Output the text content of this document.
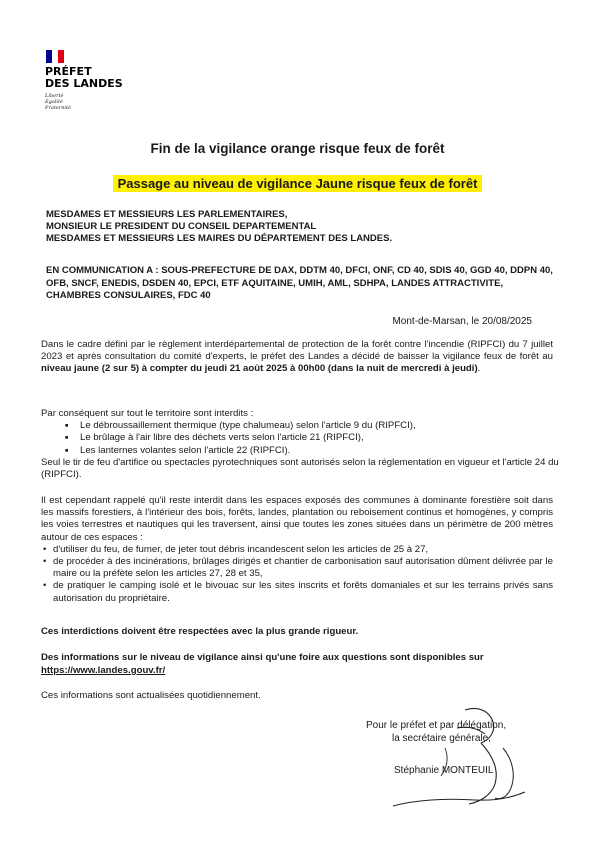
PRÉFET
DES LANDES
Liberté
Égalité
Fraternité
Fin de la vigilance orange risque feux de forêt
Passage au niveau de vigilance Jaune risque feux de forêt
MESDAMES ET MESSIEURS LES PARLEMENTAIRES,
MONSIEUR LE PRESIDENT DU CONSEIL DEPARTEMENTAL
MESDAMES ET MESSIEURS LES MAIRES DU DÉPARTEMENT DES LANDES.
EN COMMUNICATION A : SOUS-PREFECTURE DE DAX, DDTM 40, DFCI, ONF, CD 40, SDIS 40, GGD 40, DDPN 40, OFB, SNCF, ENEDIS, DSDEN 40, EPCI, ETF AQUITAINE, UMIH, AML, SDHPA, LANDES ATTRACTIVITE, CHAMBRES CONSULAIRES, FDC 40
Mont-de-Marsan, le 20/08/2025
Dans le cadre défini par le règlement interdépartemental de protection de la forêt contre l'incendie (RIPFCI) du 7 juillet 2023 et après consultation du comité d'experts, le préfet des Landes a décidé de baisser la vigilance feux de forêt au niveau jaune (2 sur 5) à compter du jeudi 21 août 2025 à 00h00 (dans la nuit de mercredi à jeudi).
Par conséquent sur tout le territoire sont interdits :
■ Le débroussaillement thermique (type chalumeau) selon l'article 9 du (RIPFCI),
■ Le brûlage à l'air libre des déchets verts selon l'article 21 (RIPFCI),
■ Les lanternes volantes selon l'article 22 (RIPFCI).
Seul le tir de feu d'artifice ou spectacles pyrotechniques sont autorisés selon la réglementation en vigueur et l'article 24 du (RIPFCI).
Il est cependant rappelé qu'il reste interdit dans les espaces exposés des communes à dominante forestière soit dans les massifs forestiers, à l'intérieur des bois, forêts, landes, plantation ou reboisement continus et homogènes, y compris les voies terrestres et nautiques qui les traversent, ainsi que toutes les zones situées dans un périmètre de 200 mètres autour de ces espaces :
• d'utiliser du feu, de fumer, de jeter tout débris incandescent selon les articles de 25 à 27,
• de procéder à des incinérations, brûlages dirigés et chantier de carbonisation sauf autorisation dûment délivrée par le maire ou la préfète selon les articles 27, 28 et 35,
• de pratiquer le camping isolé et le bivouac sur les sites inscrits et forêts domaniales et sur les terrains privés sans autorisation du propriétaire.
Ces interdictions doivent être respectées avec la plus grande rigueur.
Des informations sur le niveau de vigilance ainsi qu'une foire aux questions sont disponibles sur https://www.landes.gouv.fr/
Ces informations sont actualisées quotidiennement.
Pour le préfet et par délégation,
la secrétaire générale,
Stéphanie MONTEUIL
